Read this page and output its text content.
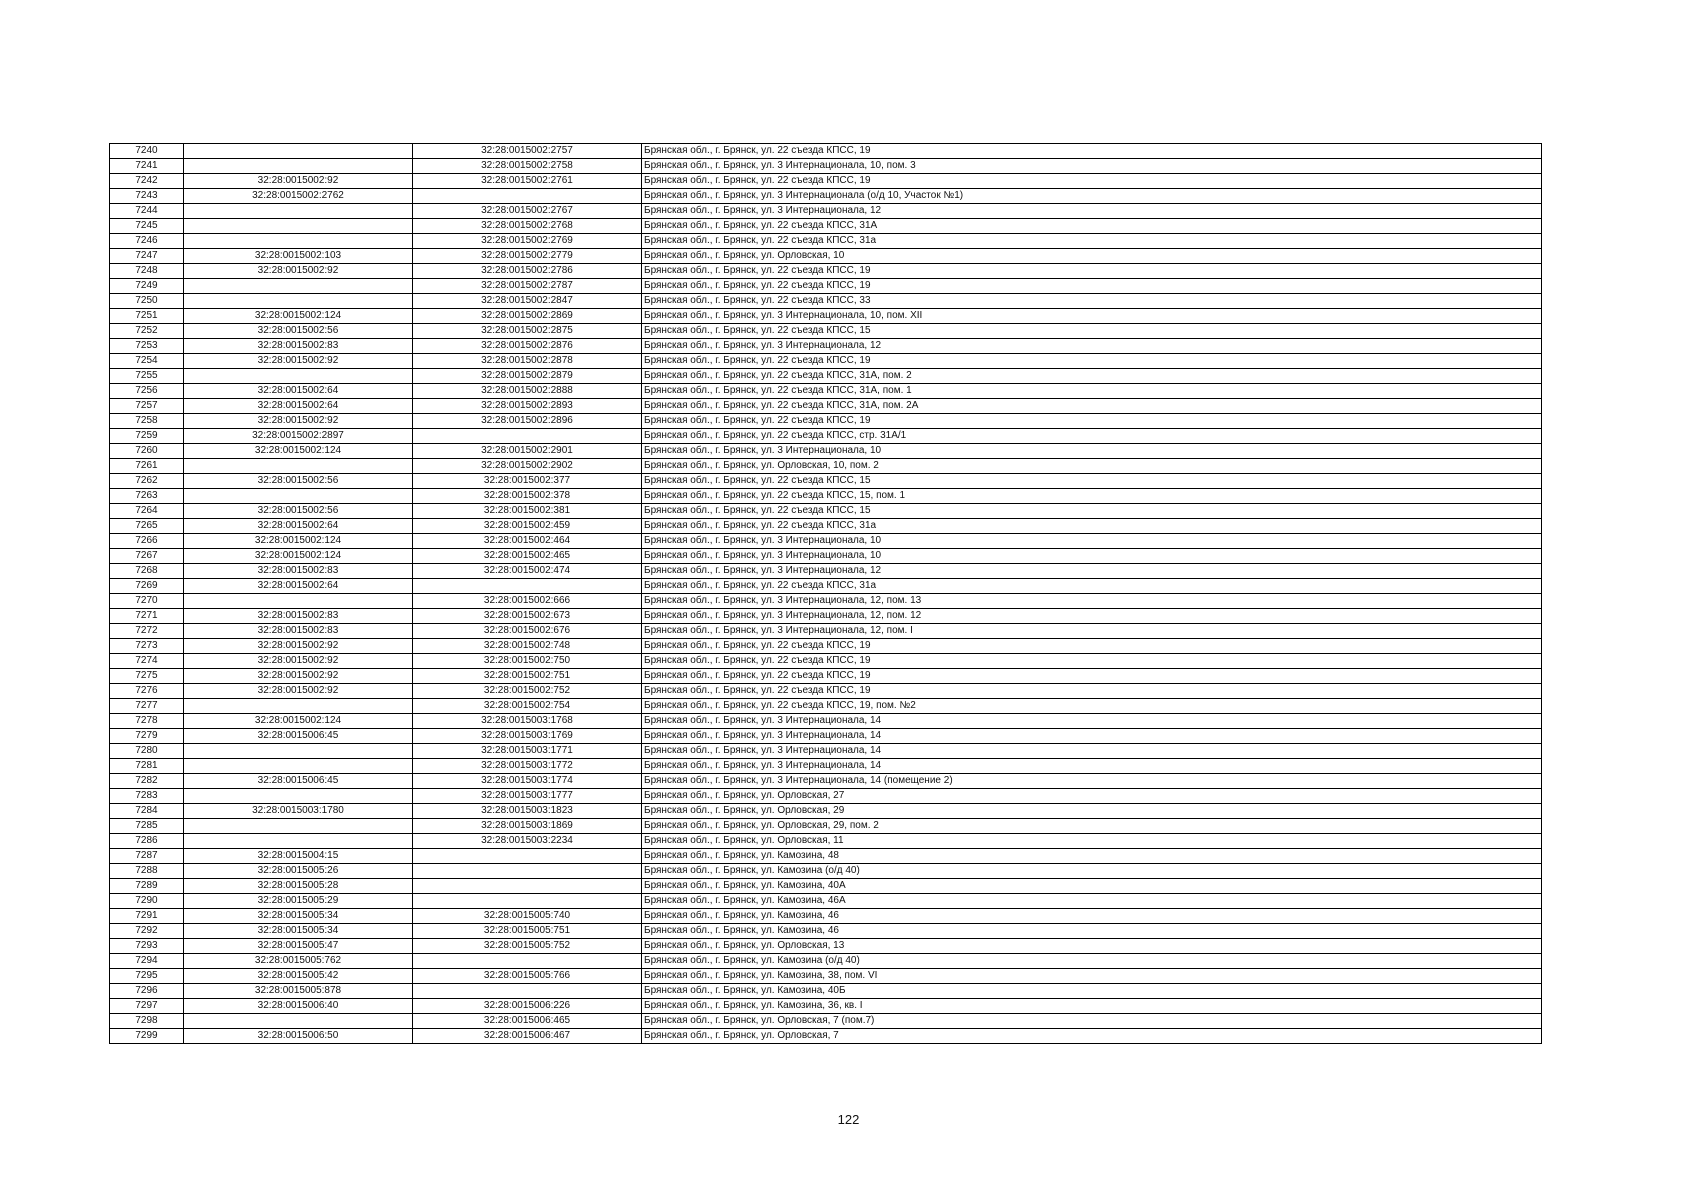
7240		32:28:0015002:2757	Брянская обл., г. Брянск, ул. 22 съезда КПСС, 19
7241		32:28:0015002:2758	Брянская обл., г. Брянск, ул. 3 Интернационала, 10, пом. 3
7242	32:28:0015002:92	32:28:0015002:2761	Брянская обл., г. Брянск, ул. 22 съезда КПСС, 19
7243	32:28:0015002:2762		Брянская обл., г. Брянск, ул. 3 Интернационала (о/д 10, Участок №1)
7244		32:28:0015002:2767	Брянская обл., г. Брянск, ул. 3 Интернационала, 12
7245		32:28:0015002:2768	Брянская обл., г. Брянск, ул. 22 съезда КПСС, 31А
7246		32:28:0015002:2769	Брянская обл., г. Брянск, ул. 22 съезда КПСС, 31а
7247	32:28:0015002:103	32:28:0015002:2779	Брянская обл., г. Брянск, ул. Орловская, 10
7248	32:28:0015002:92	32:28:0015002:2786	Брянская обл., г. Брянск, ул. 22 съезда КПСС, 19
7249		32:28:0015002:2787	Брянская обл., г. Брянск, ул. 22 съезда КПСС, 19
7250		32:28:0015002:2847	Брянская обл., г. Брянск, ул. 22 съезда КПСС, 33
7251	32:28:0015002:124	32:28:0015002:2869	Брянская обл., г. Брянск, ул. 3 Интернационала, 10, пом. XII
7252	32:28:0015002:56	32:28:0015002:2875	Брянская обл., г. Брянск, ул. 22 съезда КПСС, 15
7253	32:28:0015002:83	32:28:0015002:2876	Брянская обл., г. Брянск, ул. 3 Интернационала, 12
7254	32:28:0015002:92	32:28:0015002:2878	Брянская обл., г. Брянск, ул. 22 съезда КПСС, 19
7255		32:28:0015002:2879	Брянская обл., г. Брянск, ул. 22 съезда КПСС, 31А, пом. 2
7256	32:28:0015002:64	32:28:0015002:2888	Брянская обл., г. Брянск, ул. 22 съезда КПСС, 31А, пом. 1
7257	32:28:0015002:64	32:28:0015002:2893	Брянская обл., г. Брянск, ул. 22 съезда КПСС, 31А, пом. 2А
7258	32:28:0015002:92	32:28:0015002:2896	Брянская обл., г. Брянск, ул. 22 съезда КПСС, 19
7259	32:28:0015002:2897		Брянская обл., г. Брянск, ул. 22 съезда КПСС, стр. 31А/1
7260	32:28:0015002:124	32:28:0015002:2901	Брянская обл., г. Брянск, ул. 3 Интернационала, 10
7261		32:28:0015002:2902	Брянская обл., г. Брянск, ул. Орловская, 10, пом. 2
7262	32:28:0015002:56	32:28:0015002:377	Брянская обл., г. Брянск, ул. 22 съезда КПСС, 15
7263		32:28:0015002:378	Брянская обл., г. Брянск, ул. 22 съезда КПСС, 15, пом. 1
7264	32:28:0015002:56	32:28:0015002:381	Брянская обл., г. Брянск, ул. 22 съезда КПСС, 15
7265	32:28:0015002:64	32:28:0015002:459	Брянская обл., г. Брянск, ул. 22 съезда КПСС, 31а
7266	32:28:0015002:124	32:28:0015002:464	Брянская обл., г. Брянск, ул. 3 Интернационала, 10
7267	32:28:0015002:124	32:28:0015002:465	Брянская обл., г. Брянск, ул. 3 Интернационала, 10
7268	32:28:0015002:83	32:28:0015002:474	Брянская обл., г. Брянск, ул. 3 Интернационала, 12
7269	32:28:0015002:64		Брянская обл., г. Брянск, ул. 22 съезда КПСС, 31а
7270		32:28:0015002:666	Брянская обл., г. Брянск, ул. 3 Интернационала, 12, пом. 13
7271	32:28:0015002:83	32:28:0015002:673	Брянская обл., г. Брянск, ул. 3 Интернационала, 12, пом. 12
7272	32:28:0015002:83	32:28:0015002:676	Брянская обл., г. Брянск, ул. 3 Интернационала, 12, пом. I
7273	32:28:0015002:92	32:28:0015002:748	Брянская обл., г. Брянск, ул. 22 съезда КПСС, 19
7274	32:28:0015002:92	32:28:0015002:750	Брянская обл., г. Брянск, ул. 22 съезда КПСС, 19
7275	32:28:0015002:92	32:28:0015002:751	Брянская обл., г. Брянск, ул. 22 съезда КПСС, 19
7276	32:28:0015002:92	32:28:0015002:752	Брянская обл., г. Брянск, ул. 22 съезда КПСС, 19
7277		32:28:0015002:754	Брянская обл., г. Брянск, ул. 22 съезда КПСС, 19, пом. №2
7278	32:28:0015002:124	32:28:0015003:1768	Брянская обл., г. Брянск, ул. 3 Интернационала, 14
7279	32:28:0015006:45	32:28:0015003:1769	Брянская обл., г. Брянск, ул. 3 Интернационала, 14
7280		32:28:0015003:1771	Брянская обл., г. Брянск, ул. 3 Интернационала, 14
7281		32:28:0015003:1772	Брянская обл., г. Брянск, ул. 3 Интернационала, 14
7282	32:28:0015006:45	32:28:0015003:1774	Брянская обл., г. Брянск, ул. 3 Интернационала, 14 (помещение 2)
7283		32:28:0015003:1777	Брянская обл., г. Брянск, ул. Орловская, 27
7284	32:28:0015003:1780	32:28:0015003:1823	Брянская обл., г. Брянск, ул. Орловская, 29
7285		32:28:0015003:1869	Брянская обл., г. Брянск, ул. Орловская, 29, пом. 2
7286		32:28:0015003:2234	Брянская обл., г. Брянск, ул. Орловская, 11
7287	32:28:0015004:15		Брянская обл., г. Брянск, ул. Камозина, 48
7288	32:28:0015005:26		Брянская обл., г. Брянск, ул. Камозина (о/д 40)
7289	32:28:0015005:28		Брянская обл., г. Брянск, ул. Камозина, 40А
7290	32:28:0015005:29		Брянская обл., г. Брянск, ул. Камозина, 46А
7291	32:28:0015005:34	32:28:0015005:740	Брянская обл., г. Брянск, ул. Камозина, 46
7292	32:28:0015005:34	32:28:0015005:751	Брянская обл., г. Брянск, ул. Камозина, 46
7293	32:28:0015005:47	32:28:0015005:752	Брянская обл., г. Брянск, ул. Орловская, 13
7294	32:28:0015005:762		Брянская обл., г. Брянск, ул. Камозина (о/д 40)
7295	32:28:0015005:42	32:28:0015005:766	Брянская обл., г. Брянск, ул. Камозина, 38, пом. VI
7296	32:28:0015005:878		Брянская обл., г. Брянск, ул. Камозина, 40Б
7297	32:28:0015006:40	32:28:0015006:226	Брянская обл., г. Брянск, ул. Камозина, 36, кв. I
7298		32:28:0015006:465	Брянская обл., г. Брянск, ул. Орловская, 7 (пом.7)
7299	32:28:0015006:50	32:28:0015006:467	Брянская обл., г. Брянск, ул. Орловская, 7
122
